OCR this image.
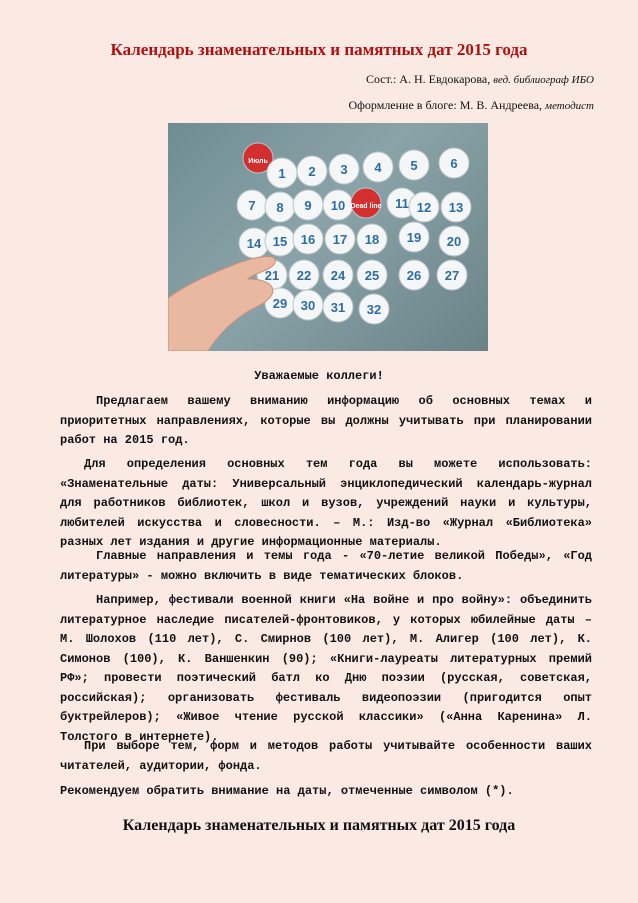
Календарь знаменательных и памятных дат 2015 года
Сост.: А. Н. Евдокарова, вед. библиограф ИБО
Оформление в блоге: М. В. Андреева, методист
Июль
1 2 3 4 5	6
7 8 9 10 Dead line 11 12 13
14 15 16 17 18 19 20
21 22 24 25 26 27
29 30 31 32
Уважаемые коллеги!

Предлагаем вашему вниманию информацию об основных темах и приоритетных направлениях, которые вы должны учитывать при планировании работ на 2015 год.

Для определения основных тем года вы можете использовать: «Знаменательные даты: Универсальный энциклопедический календарь-журнал для работников библиотек, школ и вузов, учреждений науки и культуры, любителей искусства и словесности. – М.: Изд-во «Журнал «Библиотека» разных лет издания и другие информационные материалы.

Главные направления и темы года - «70-летие великой Победы», «Год литературы» - можно включить в виде тематических блоков.

Например, фестивали военной книги «На войне и про войну»: объединить литературное наследие писателей-фронтовиков, у которых юбилейные даты – М. Шолохов (110 лет), С. Смирнов (100 лет), М. Алигер (100 лет), К. Симонов (100), К. Ваншенкин (90); «Книги-лауреаты литературных премий РФ»; провести поэтический батл ко Дню поэзии (русская, советская, российская); организовать фестиваль видеопоэзии (пригодится опыт буктрейлеров); «Живое чтение русской классики» («Анна Каренина» Л. Толстого в интернете).

При выборе тем, форм и методов работы учитывайте особенности ваших читателей, аудитории, фонда.

Рекомендуем обратить внимание на даты, отмеченные символом (*).

Календарь знаменательных и памятных дат 2015 года
